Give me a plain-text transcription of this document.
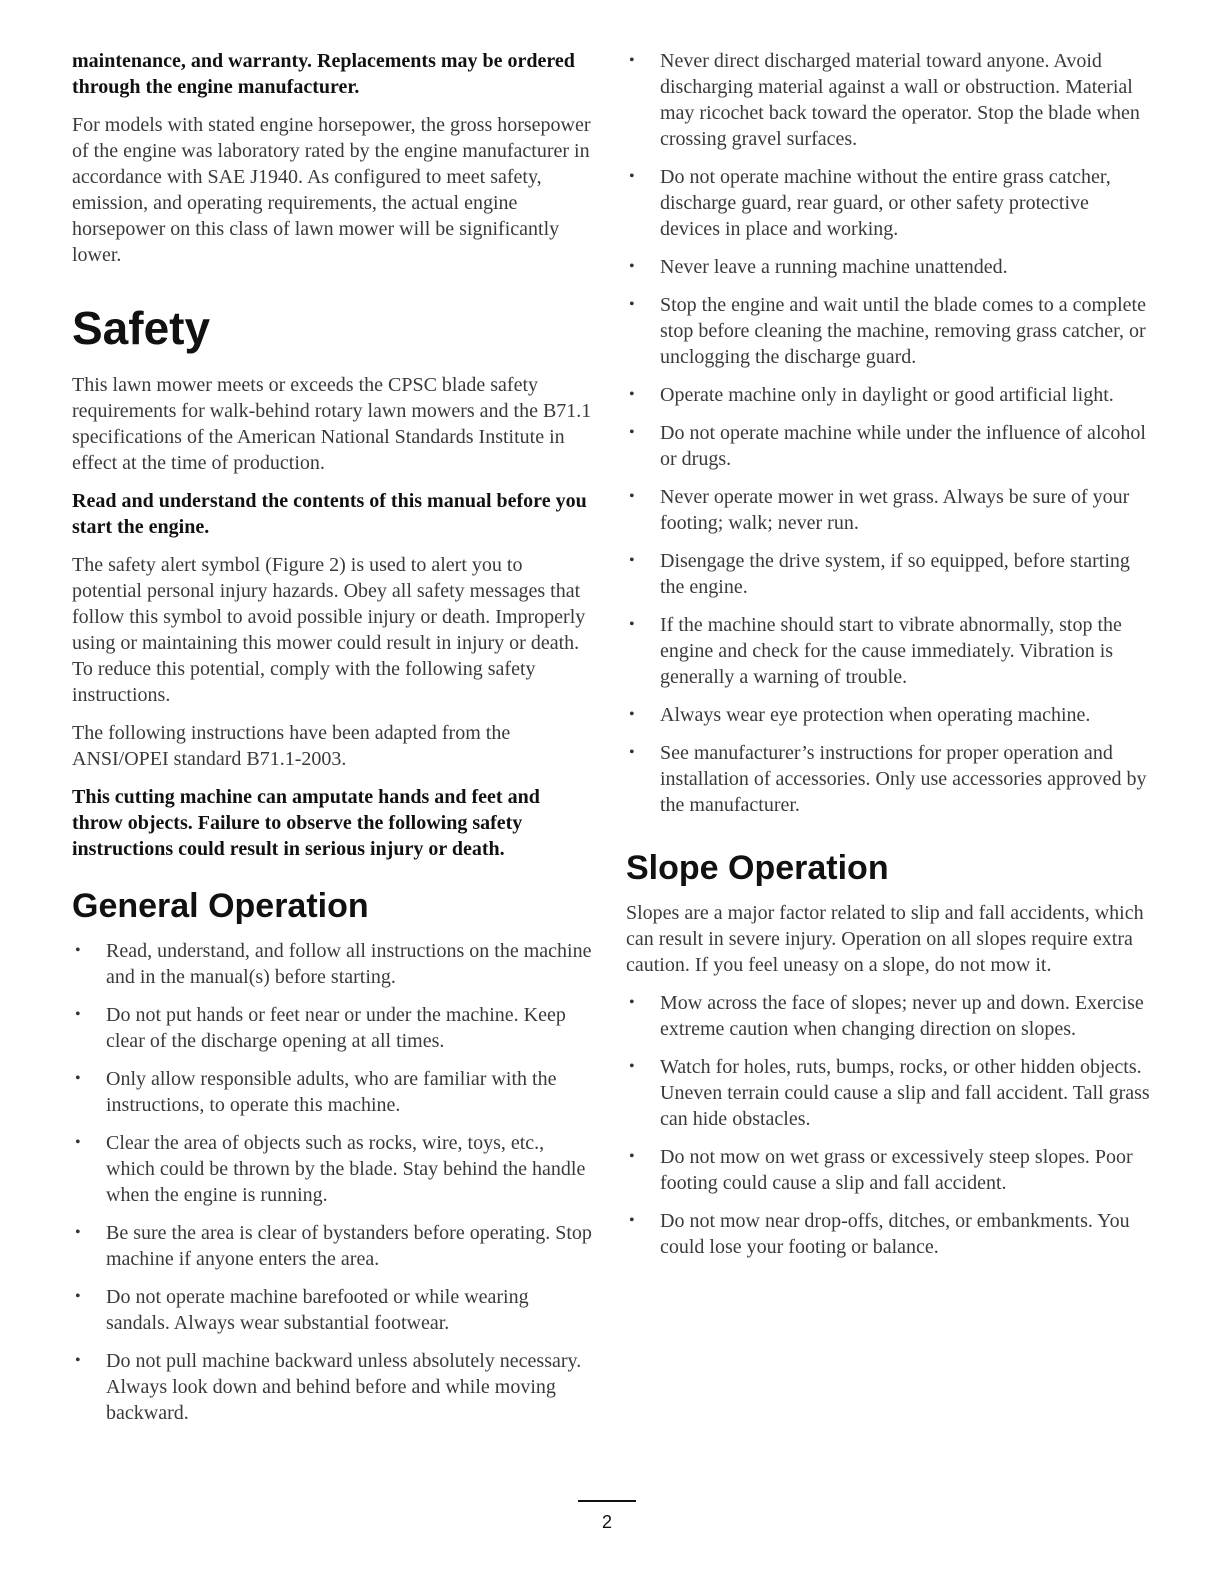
maintenance, and warranty. Replacements may be ordered through the engine manufacturer.

For models with stated engine horsepower, the gross horsepower of the engine was laboratory rated by the engine manufacturer in accordance with SAE J1940. As configured to meet safety, emission, and operating requirements, the actual engine horsepower on this class of lawn mower will be significantly lower.

Safety

This lawn mower meets or exceeds the CPSC blade safety requirements for walk-behind rotary lawn mowers and the B71.1 specifications of the American National Standards Institute in effect at the time of production.

Read and understand the contents of this manual before you start the engine.

The safety alert symbol (Figure 2) is used to alert you to potential personal injury hazards. Obey all safety messages that follow this symbol to avoid possible injury or death. Improperly using or maintaining this mower could result in injury or death. To reduce this potential, comply with the following safety instructions.

The following instructions have been adapted from the ANSI/OPEI standard B71.1-2003.

This cutting machine can amputate hands and feet and throw objects. Failure to observe the following safety instructions could result in serious injury or death.

General Operation
• Read, understand, and follow all instructions on the machine and in the manual(s) before starting.
• Do not put hands or feet near or under the machine. Keep clear of the discharge opening at all times.
• Only allow responsible adults, who are familiar with the instructions, to operate this machine.
• Clear the area of objects such as rocks, wire, toys, etc., which could be thrown by the blade. Stay behind the handle when the engine is running.
• Be sure the area is clear of bystanders before operating. Stop machine if anyone enters the area.
• Do not operate machine barefooted or while wearing sandals. Always wear substantial footwear.
• Do not pull machine backward unless absolutely necessary. Always look down and behind before and while moving backward.
• Never direct discharged material toward anyone. Avoid discharging material against a wall or obstruction. Material may ricochet back toward the operator. Stop the blade when crossing gravel surfaces.
• Do not operate machine without the entire grass catcher, discharge guard, rear guard, or other safety protective devices in place and working.
• Never leave a running machine unattended.
• Stop the engine and wait until the blade comes to a complete stop before cleaning the machine, removing grass catcher, or unclogging the discharge guard.
• Operate machine only in daylight or good artificial light.
• Do not operate machine while under the influence of alcohol or drugs.
• Never operate mower in wet grass. Always be sure of your footing; walk; never run.
• Disengage the drive system, if so equipped, before starting the engine.
• If the machine should start to vibrate abnormally, stop the engine and check for the cause immediately. Vibration is generally a warning of trouble.
• Always wear eye protection when operating machine.
• See manufacturer’s instructions for proper operation and installation of accessories. Only use accessories approved by the manufacturer.
Slope Operation

Slopes are a major factor related to slip and fall accidents, which can result in severe injury. Operation on all slopes require extra caution. If you feel uneasy on a slope, do not mow it.

• Mow across the face of slopes; never up and down. Exercise extreme caution when changing direction on slopes.
• Watch for holes, ruts, bumps, rocks, or other hidden objects. Uneven terrain could cause a slip and fall accident. Tall grass can hide obstacles.
• Do not mow on wet grass or excessively steep slopes. Poor footing could cause a slip and fall accident.
• Do not mow near drop-offs, ditches, or embankments. You could lose your footing or balance.
2
